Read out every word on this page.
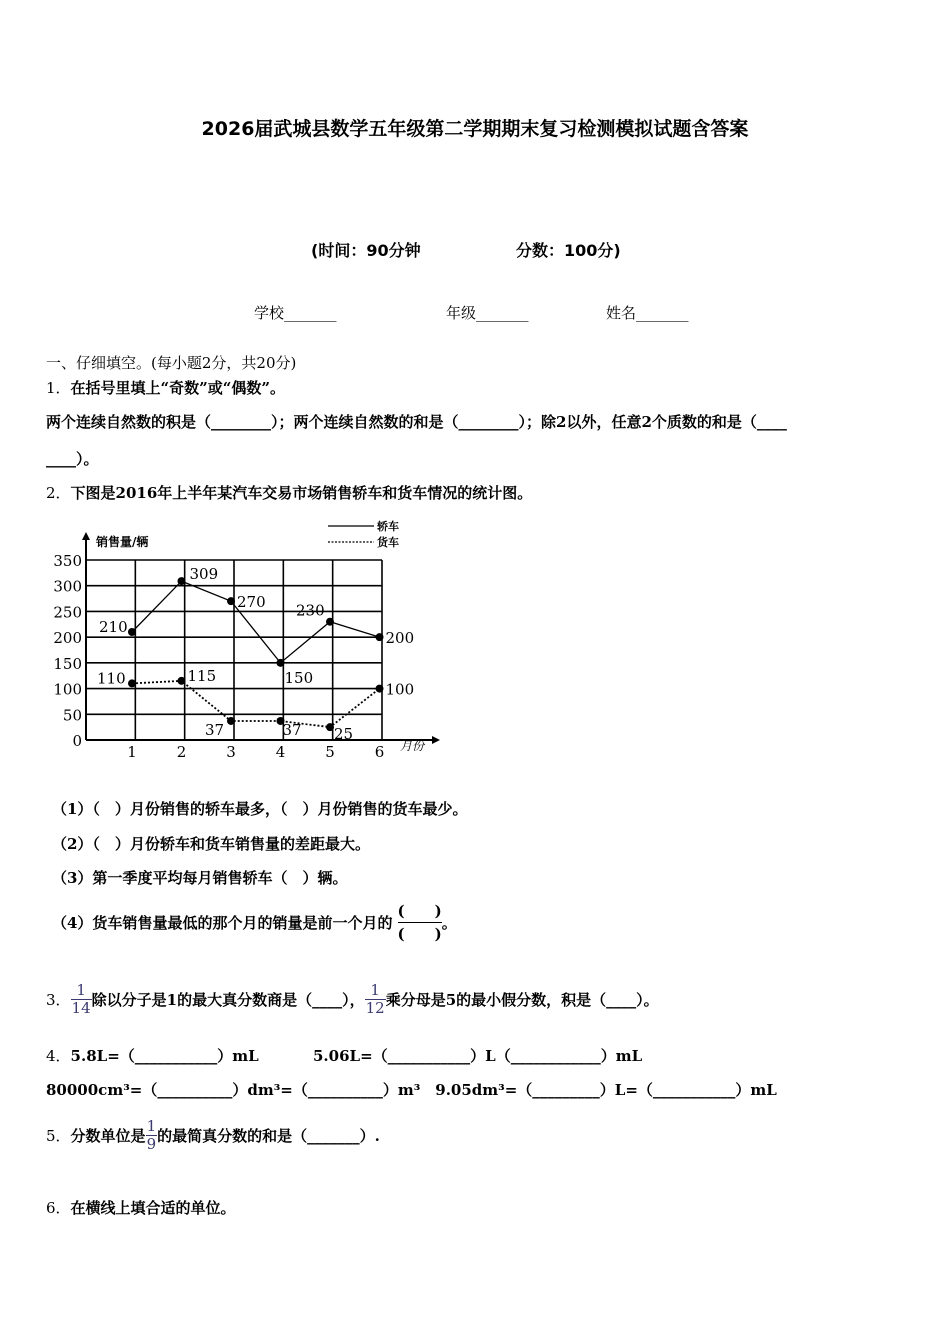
2026届武城县数学五年级第二学期期末复习检测模拟试题含答案
(时间：90分钟	分数：100分)
学校_______	年级_______	姓名_______
一、仔细填空。(每小题2分，共20分)
1．在括号里填上“奇数”或“偶数”。
两个连续自然数的积是（________）；两个连续自然数的和是（________）；除2以外，任意2个质数的和是（____
____）。
2．下图是2016年上半年某汽车交易市场销售轿车和货车情况的统计图。
0
50
100
150
200
250
300
350
销售量/辆
月份
1	2	3	4	5	6
轿车
货车
210
309
270
150
230
200
110	115
37	37 25
100
（1）（　）月份销售的轿车最多，（　）月份销售的货车最少。
（2）（　）月份轿车和货车销售量的差距最大。
（3）第一季度平均每月销售轿车（　）辆。
（4）货车销售量最低的那个月的销量是前一个月的 $\frac{( )}{( )}$ 。
3． $\frac{1}{14}$ 除以分子是1的最大真分数商是（____）， $\frac{1}{12}$ 乘分母是5的最小假分数，积是（____）。
4．5.8L=（___________）mL	5.06L=（___________）L（____________）mL
80000cm³=（__________）dm³=（__________）m³　9.05dm³=（_________）L=（___________）mL
5．分数单位是 $\frac{1}{9}$ 的最简真分数的和是（_______）.
6．在横线上填合适的单位。
